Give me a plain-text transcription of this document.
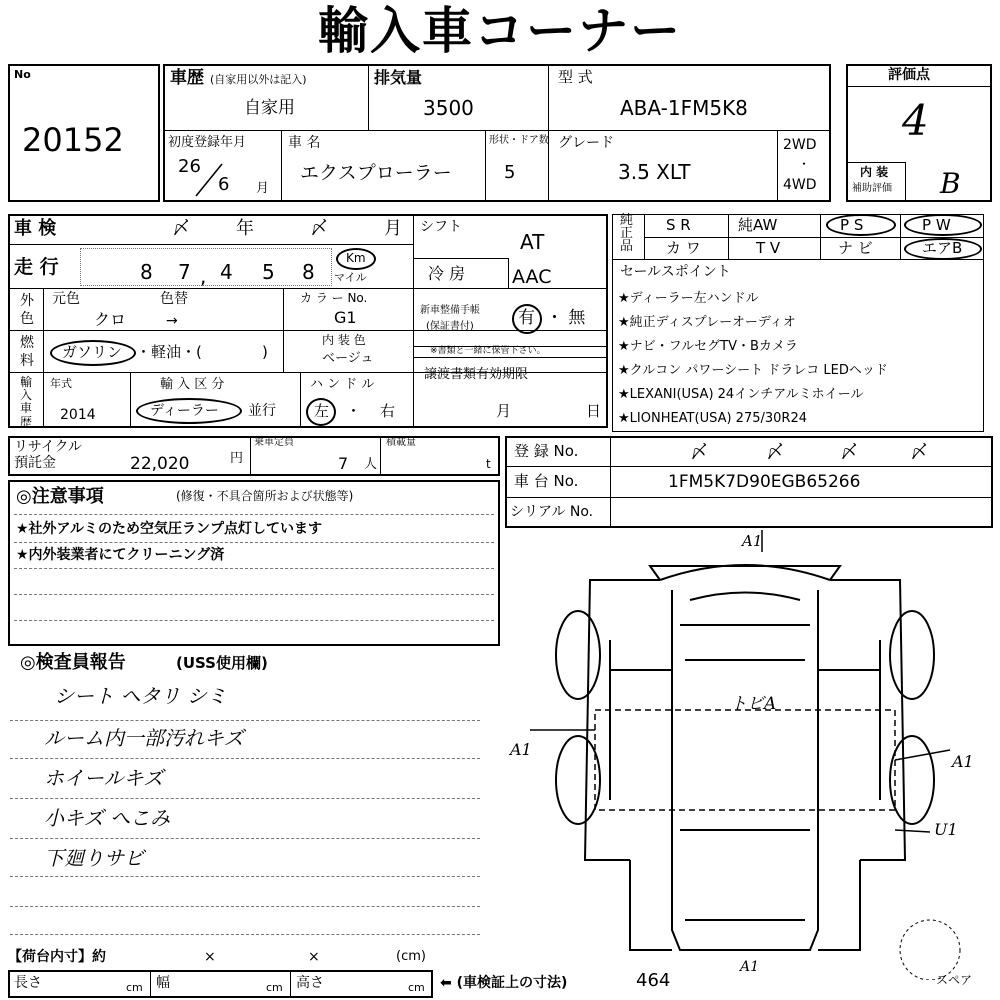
輸入車コーナー
No
20152
車歴 (自家用以外は記入)
自家用
排気量
3500
型 式
ABA-1FM5K8
初度登録年月
26
6 月
車 名
エクスプローラー
形状・ドア数
5
グレード
3.5 XLT
2WD
・
4WD
評価点
4
内 装
補助評価 B
車 検	〆	年	〆	月
走 行	8 7 , 4 5 8
Km
マイル
シフト
AT
冷 房 AAC
純正品
S R	純AW	P S	P W
カ ワ	T V	ナ ビ	エアB
外色
元色	色替
クロ	→
カ ラ ー No.
G1	新車整備手帳
(保証書付)	有 ・ 無
※書類と一緒に保管下さい。
燃料
ガソリン ・軽油・(	)
内 装 色
ベージュ
輸入車歴
年式
2014
輸 入 区 分
ディーラー 並行
ハ ン ド ル
左 ・ 右
譲渡書類有効期限
月	日
セールスポイント
★ディーラー左ハンドル
★純正ディスプレーオーディオ
★ナビ・フルセグTV・Bカメラ
★クルコン パワーシート ドラレコ LEDヘッド
★LEXANI(USA) 24インチアルミホイール
★LIONHEAT(USA) 275/30R24
リサイクル
預託金	22,020	円
乗車定員
7 人
積載量
t
登 録 No.	〆	〆	〆	〆
車 台 No.	1FM5K7D90EGB65266
シリアル No.
◎注意事項	(修復・不具合箇所および状態等)
★社外アルミのため空気圧ランプ点灯しています
★内外装業者にてクリーニング済
◎検査員報告	(USS使用欄)
シート ヘタリ シミ
ルーム内一部汚れキズ
ホイールキズ
小キズ へこみ
下廻りサビ
A1
トビA
A1
A1
U1
A1
スペア
【荷台内寸】約	×	×	(cm)
長さ	cm 幅	cm 高さ	cm ⬅ (車検証上の寸法)	464
